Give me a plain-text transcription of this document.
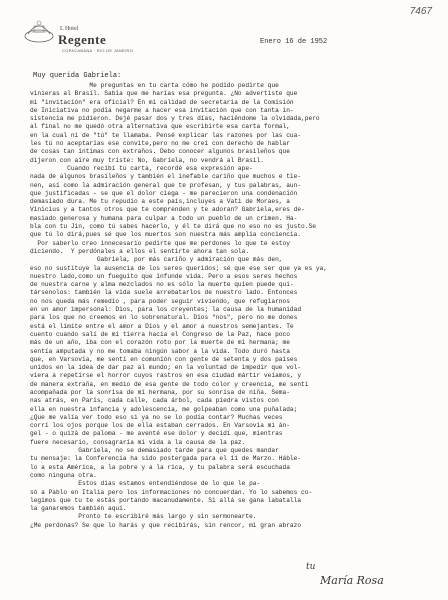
L Hotel
Regente
COPACABANA · RIO DE JANEIRO
7467
Enero 16 de 1952
Muy querida Gabriela:
Me preguntas en tu carta cómo he podido pedirte que
vinieras al Brasil. Sabía que me harías esa pregunta. ¿No advertiste que
mi "invitación" era oficial? En mi calidad de secretaria de la Comisión
de Iniciativa no podía negarme a hacer esa invitación que con tanta in-
sistencia me pidieron. Dejé pasar dos y tres días, haciéndome la olvidada,pero
al final no me quedó otra alternativa que escribirte esa carta formal,
en la cual ni de "tú" te llamaba. Pensé explicar las razones por las cua-
les tú no aceptarías ese convite,pero no me creí con derecho de hablar
de cosas tan íntimas con extraños. Debo conocer algunos brasileños que
dijeron con aire muy triste: No, Gabriela, no vendrá al Brasil.
Cuando recibí tu carta, recordé esa expresión ape-
nada de algunos brasileños y también el inefable cariño que muchos e tie-
nen, así como la admiración general que te profesan, y tus palabras, aun-
que justificadas - se que el dolor ciega - me parecieron una condenación
demasiado dura. Me tu repudio a este país,incluyes a Vati de Moraes, a
Vinicius y a tantos otros que te comprenden y te adoran? Gabriela,eres de-
masiado generosa y humana para culpar a todo un pueblo de un crimen. Ha-
bla con tu Jin, como tú sabes hacerlo, y él te dirá que no eso no es justo.Se
que tú lo dirá,pues sé que los muertos son nuestra más amplia conciencia.
Por saberlo creo innecesario pedirte que me perdones lo que te estoy
diciendo.  Y perdónales a ellos el sentirte ahora tan sola.
Gabriela, por más cariño y admiración que más den,
eso no sustituye la ausencia de los seres queridos; sé que ese ser que ya es ya,
nuestro lado,como un fueguito que infunde vida. Pero a esos seres hechos
de nuestra carne y alma mezclados no es sólo la muerte quien puede qui-
társenolos: también la vida suele arrebatarlos de nuestro lado. Entonces
no nos queda más remedio , para poder seguir viviendo, que refugiarnos
en un amor impersonal: Dios, para los creyentes; la causa de la humanidad
para los que no creemos en lo sobrenatural. Dios "nos", pero no me dones
está el límite entre el amor a Dios y el amor a nuestros semejantes. Te
cuento cuando salí de mi tierra hacia el Congreso de la Paz, hace poco
más de un año, iba con el corazón roto por la muerte de mi hermana; me
sentía amputada y no me tomaba ningún sabor a la vida. Todo duró hasta
que, en Varsovia, me sentí en comunión con gente de setenta y dos países
unidos en la idea de dar paz al mundo; en la voluntad de impedir que vol-
viera a repetirse el horror cuyos rastros en esa ciudad mártir veíamos, y
de manera extraña, en medio de esa gente de todo color y creencia, me sentí
acompañada por la sonrisa de mi hermana, por su sonrisa de niña. Sema-
nas atrás, en París, cada calle, cada árbol, cada piedra vistos con
ella en nuestra infancia y adolescencia, me golpeaban como una puñalada;
¿Que me valía ver todo eso si ya no se lo podía contar? Muchas veces
corrí los ojos porque los de ella estaban cerrados. En Varsovia mi án-
gel - o quizá de paloma - me aventé ese dolor y decidí que, mientras
fuere necesario, consagraría mi vida a la causa de la paz.
Gabriela, no se demasiado tarde para que quedes mandar
tu mensaje: la Conferencia ha sido postergada para el 11 de Marzo. Háble-
lo a esta América, a la pobre y a la rica, y tu palabra será escuchada
como ninguna otra.
Estos días estamos entendiéndose de lo que le pa-
só a Pablo en Italia pero los informaciones no concuerdan. Yo lo sabemos co-
legimos que tu te estás portando macanudamente. Si allá se gana labatalla
la ganaremos también aquí.
Pronto te escribiré más largo y sin sermonearte.
¿Me perdonas? Se que lo harás y que recibirás, sin rencor, mi gran abrazo
tu
María Rosa
